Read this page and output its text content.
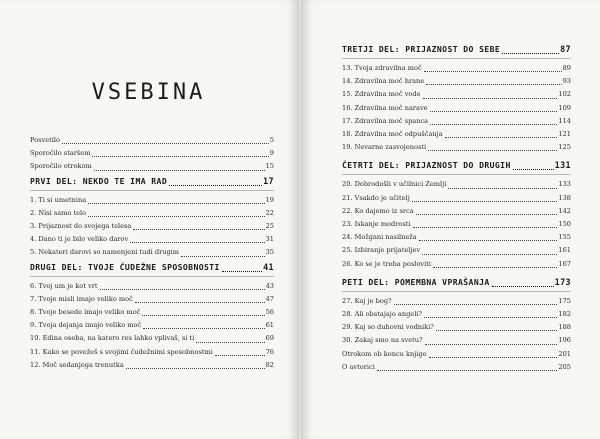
VSEBINA
Posvetilo	5
Sporočilo staršem	9
Sporočilo otrokom	15
PRVI DEL: NEKDO TE IMA RAD	17
1. Ti si umetnina	19
2. Nisi samo telo	22
3. Prijaznost do svojega telesa	25
4. Dano ti je bilo veliko darov	31
5. Nekateri darovi so namenjeni tudi drugim	35
DRUGI DEL: TVOJE ČUDEŽNE SPOSOBNOSTI	41
6. Tvoj um je kot vrt	43
7. Tvoje misli imajo veliko moč	47
8. Tvoje besede imajo veliko moč	56
9. Tvoja dejanja imajo veliko moč	61
10. Edina oseba, na katero res lahko vplivaš, si ti	69
11. Kako se povežeš s svojimi čudežnimi sposobnostmi	76
12. Moč sedanjega trenutka	82
TRETJI DEL: PRIJAZNOST DO SEBE	87
13. Tvoja zdravilna moč	89
14. Zdravilna moč hrane	93
15. Zdravilna moč vode	102
16. Zdravilna moč narave	109
17. Zdravilna moč spanca	114
18. Zdravilna moč odpuščanja	121
19. Nevarne zasvojenosti	125
ČETRTI DEL: PRIJAZNOST DO DRUGIH	131
20. Dobrodošli v učilnici Zemlji	133
21. Vsakdo je učitelj	138
22. Ko dajemo iz srca	142
23. Iskanje modrosti	150
24. Možgani nasilneža	155
25. Izbiranje prijateljev	161
26. Ko se je treba posloviti	167
PETI DEL: POMEMBNA VPRAŠANJA	173
27. Kaj je bog?	175
28. Ali obstajajo angeli?	182
29. Kaj so duhovni vodniki?	188
30. Zakaj smo na svetu?	196
Otrokom ob koncu knjige	201
O avtorici	205
